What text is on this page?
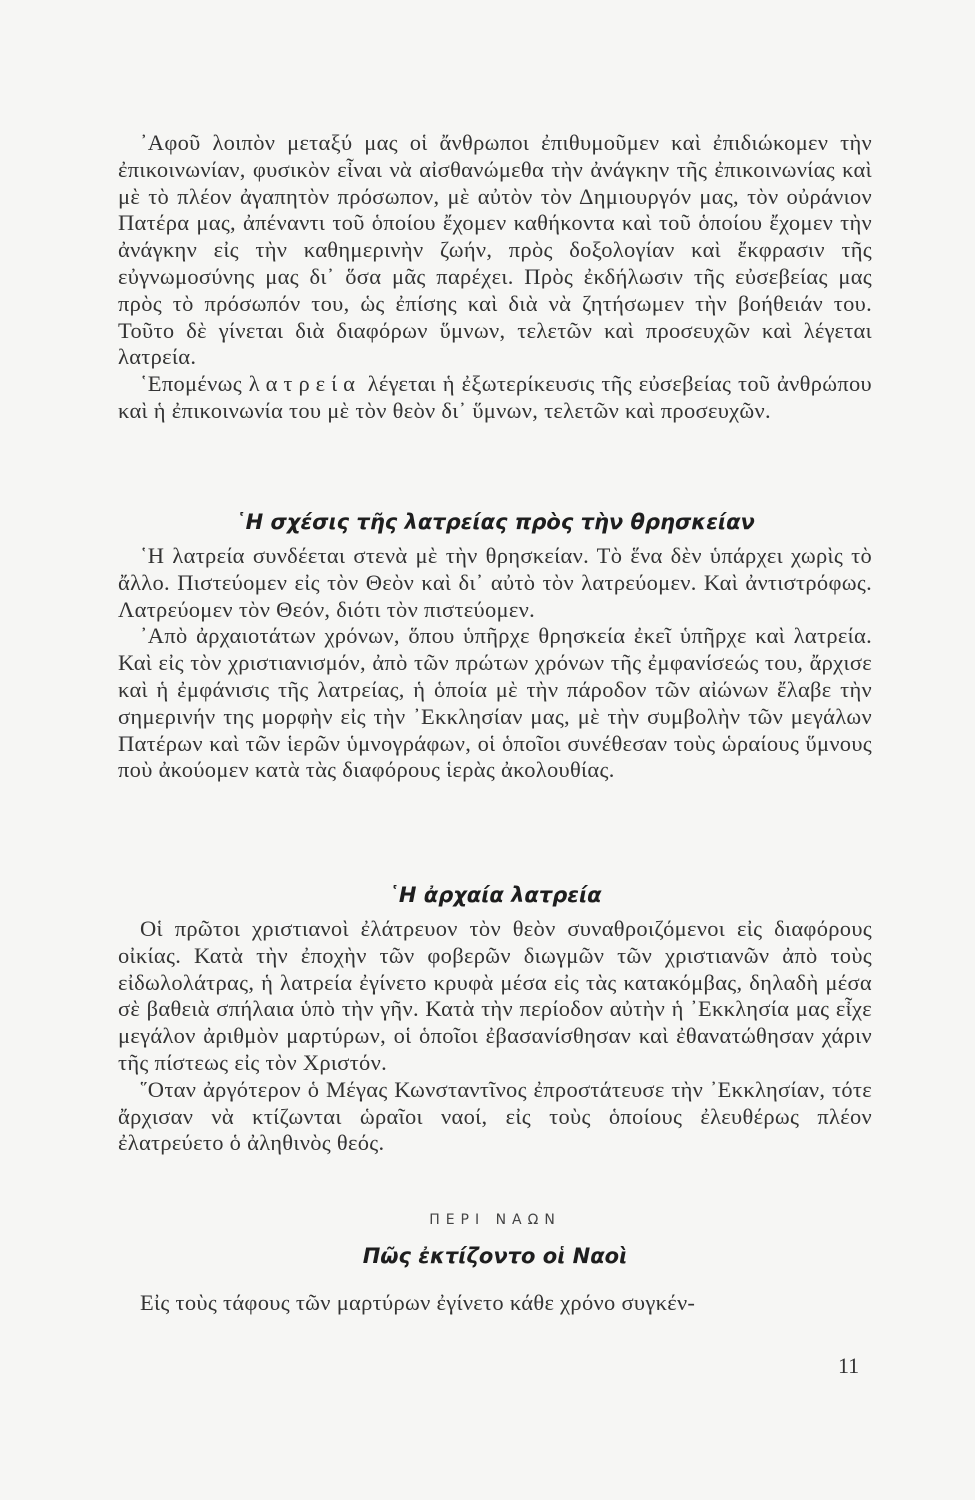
᾿Αφοῦ λοιπὸν μεταξύ μας οἱ ἄνθρωποι ἐπιθυμοῦμεν καὶ ἐπιδιώκομεν τὴν ἐπικοινωνίαν, φυσικὸν εἶναι νὰ αἰσθανώμεθα τὴν ἀνάγκην τῆς ἐπικοινωνίας καὶ μὲ τὸ πλέον ἀγαπητὸν πρόσωπον, μὲ αὐτὸν τὸν Δημιουργόν μας, τὸν οὐράνιον Πατέρα μας, ἀπέναντι τοῦ ὁποίου ἔχομεν καθήκοντα καὶ τοῦ ὁποίου ἔχομεν τὴν ἀνάγκην εἰς τὴν καθημερινὴν ζωήν, πρὸς δοξολογίαν καὶ ἔκφρασιν τῆς εὐγνωμοσύνης μας δι᾿ ὅσα μᾶς παρέχει. Πρὸς ἐκδήλωσιν τῆς εὐσεβείας μας πρὸς τὸ πρόσωπόν του, ὡς ἐπίσης καὶ διὰ νὰ ζητήσωμεν τὴν βοήθειάν του. Τοῦτο δὲ γίνεται διὰ διαφόρων ὕμνων, τελετῶν καὶ προσευχῶν καὶ λέγεται λατρεία.

῾Επομένως λατρεία λέγεται ἡ ἐξωτερίκευσις τῆς εὐσεβείας τοῦ ἀνθρώπου καὶ ἡ ἐπικοινωνία του μὲ τὸν θεὸν δι᾿ ὕμνων, τελετῶν καὶ προσευχῶν.

῾Η σχέσις τῆς λατρείας πρὸς τὴν θρησκείαν

῾Η λατρεία συνδέεται στενὰ μὲ τὴν θρησκείαν. Τὸ ἕνα δὲν ὑπάρχει χωρὶς τὸ ἄλλο. Πιστεύομεν εἰς τὸν Θεὸν καὶ δι᾿ αὐτὸ τὸν λατρεύομεν. Καὶ ἀντιστρόφως. Λατρεύομεν τὸν Θεόν, διότι τὸν πιστεύομεν.

᾿Απὸ ἀρχαιοτάτων χρόνων, ὅπου ὑπῆρχε θρησκεία ἐκεῖ ὑπῆρχε καὶ λατρεία. Καὶ εἰς τὸν χριστιανισμόν, ἀπὸ τῶν πρώτων χρόνων τῆς ἐμφανίσεώς του, ἄρχισε καὶ ἡ ἐμφάνισις τῆς λατρείας, ἡ ὁποία μὲ τὴν πάροδον τῶν αἰώνων ἔλαβε τὴν σημερινήν της μορφὴν εἰς τὴν ᾿Εκκλησίαν μας, μὲ τὴν συμβολὴν τῶν μεγάλων Πατέρων καὶ τῶν ἱερῶν ὑμνογράφων, οἱ ὁποῖοι συνέθεσαν τοὺς ὡραίους ὕμνους ποὺ ἀκούομεν κατὰ τὰς διαφόρους ἱερὰς ἀκολουθίας.

῾Η ἀρχαία λατρεία

Οἱ πρῶτοι χριστιανοὶ ἐλάτρευον τὸν θεὸν συναθροιζόμενοι εἰς διαφόρους οἰκίας. Κατὰ τὴν ἐποχὴν τῶν φοβερῶν διωγμῶν τῶν χριστιανῶν ἀπὸ τοὺς εἰδωλολάτρας, ἡ λατρεία ἐγίνετο κρυφὰ μέσα εἰς τὰς κατακόμβας, δηλαδὴ μέσα σὲ βαθειὰ σπήλαια ὑπὸ τὴν γῆν. Κατὰ τὴν περίοδον αὐτὴν ἡ ᾿Εκκλησία μας εἶχε μεγάλον ἀριθμὸν μαρτύρων, οἱ ὁποῖοι ἐβασανίσθησαν καὶ ἐθανατώθησαν χάριν τῆς πίστεως εἰς τὸν Χριστόν.

῞Οταν ἀργότερον ὁ Μέγας Κωνσταντῖνος ἐπροστάτευσε τὴν ᾿Εκκλησίαν, τότε ἄρχισαν νὰ κτίζωνται ὡραῖοι ναοί, εἰς τοὺς ὁποίους ἐλευθέρως πλέον ἐλατρεύετο ὁ ἀληθινὸς θεός.

ΠΕΡΙ ΝΑΩΝ
Πῶς ἐκτίζοντο οἱ Ναοὶ

Εἰς τοὺς τάφους τῶν μαρτύρων ἐγίνετο κάθε χρόνο συγκέν-

11
